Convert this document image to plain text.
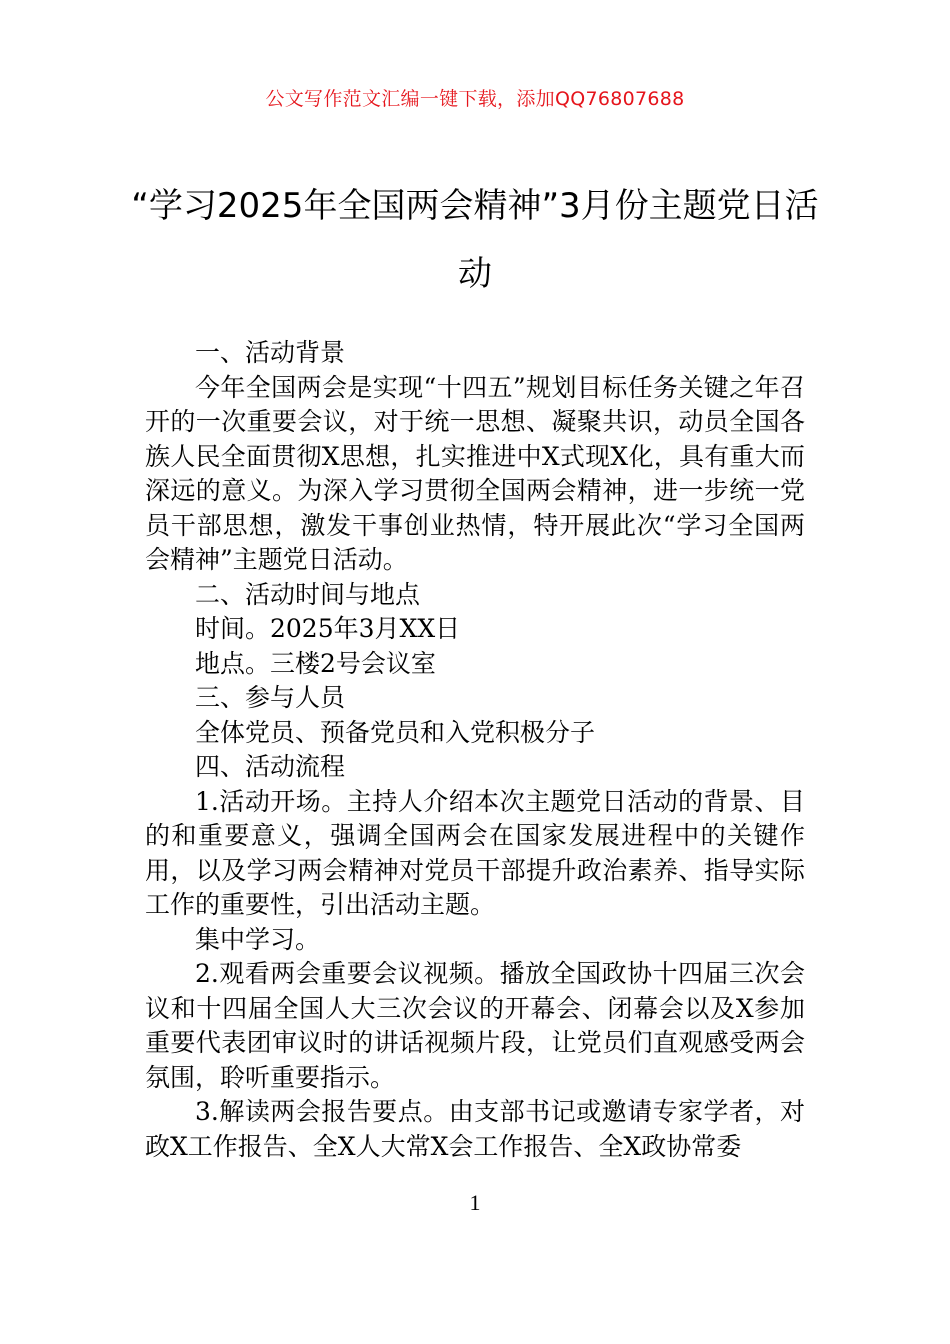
公文写作范文汇编一键下载，添加QQ76807688
“学习2025年全国两会精神”3月份主题党日活动

一、活动背景

今年全国两会是实现“十四五”规划目标任务关键之年召开的一次重要会议，对于统一思想、凝聚共识，动员全国各族人民全面贯彻X思想，扎实推进中X式现X化，具有重大而深远的意义。为深入学习贯彻全国两会精神，进一步统一党员干部思想，激发干事创业热情，特开展此次“学习全国两会精神”主题党日活动。

二、活动时间与地点

时间。2025年3月XX日

地点。三楼2号会议室

三、参与人员

全体党员、预备党员和入党积极分子

四、活动流程

1.活动开场。主持人介绍本次主题党日活动的背景、目的和重要意义，强调全国两会在国家发展进程中的关键作用，以及学习两会精神对党员干部提升政治素养、指导实际工作的重要性，引出活动主题。

集中学习。

2.观看两会重要会议视频。播放全国政协十四届三次会议和十四届全国人大三次会议的开幕会、闭幕会以及X参加重要代表团审议时的讲话视频片段，让党员们直观感受两会氛围，聆听重要指示。

3.解读两会报告要点。由支部书记或邀请专家学者，对政X工作报告、全X人大常X会工作报告、全X政协常委

1
